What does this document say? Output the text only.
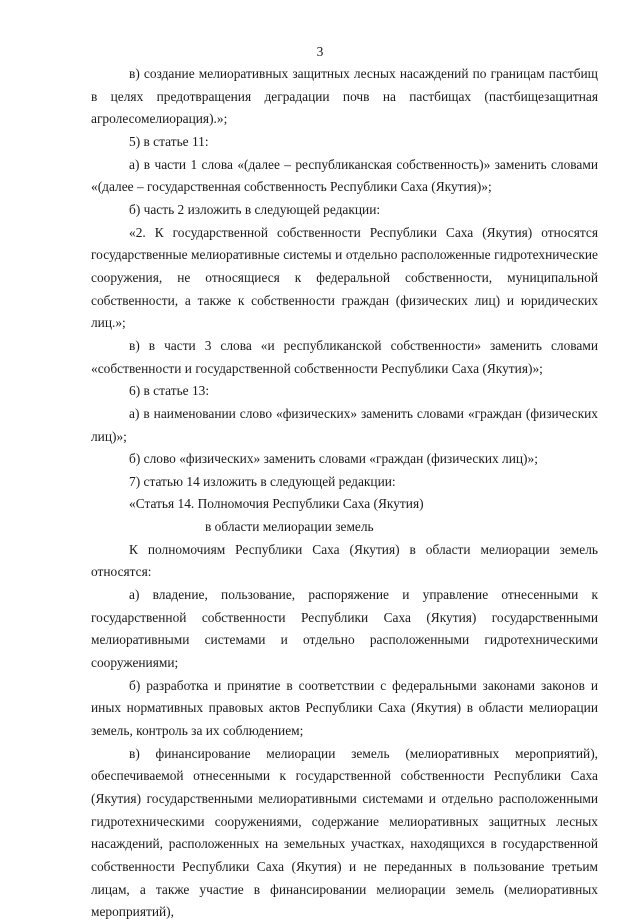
3

в) создание мелиоративных защитных лесных насаждений по границам пастбищ в целях предотвращения деградации почв на пастбищах (пастбищезащитная агролесомелиорация).»;

5) в статье 11:

а) в части 1 слова «(далее – республиканская собственность)» заменить словами «(далее – государственная собственность Республики Саха (Якутия)»;

б) часть 2 изложить в следующей редакции:

«2. К государственной собственности Республики Саха (Якутия) относятся государственные мелиоративные системы и отдельно расположенные гидротехнические сооружения, не относящиеся к федеральной собственности, муниципальной собственности, а также к собственности граждан (физических лиц) и юридических лиц.»;

в) в части 3 слова «и республиканской собственности» заменить словами «собственности и государственной собственности Республики Саха (Якутия)»;

6) в статье 13:

а) в наименовании слово «физических» заменить словами «граждан (физических лиц)»;

б) слово «физических» заменить словами «граждан (физических лиц)»;

7) статью 14 изложить в следующей редакции:

«Статья 14. Полномочия Республики Саха (Якутия)

в области мелиорации земель

К полномочиям Республики Саха (Якутия) в области мелиорации земель относятся:

а) владение, пользование, распоряжение и управление отнесенными к государственной собственности Республики Саха (Якутия) государственными мелиоративными системами и отдельно расположенными гидротехническими сооружениями;

б) разработка и принятие в соответствии с федеральными законами законов и иных нормативных правовых актов Республики Саха (Якутия) в области мелиорации земель, контроль за их соблюдением;

в) финансирование мелиорации земель (мелиоративных мероприятий), обеспечиваемой отнесенными к государственной собственности Республики Саха (Якутия) государственными мелиоративными системами и отдельно расположенными гидротехническими сооружениями, содержание мелиоративных защитных лесных насаждений, расположенных на земельных участках, находящихся в государственной собственности Республики Саха (Якутия) и не переданных в пользование третьим лицам, а также участие в финансировании мелиорации земель (мелиоративных мероприятий),
